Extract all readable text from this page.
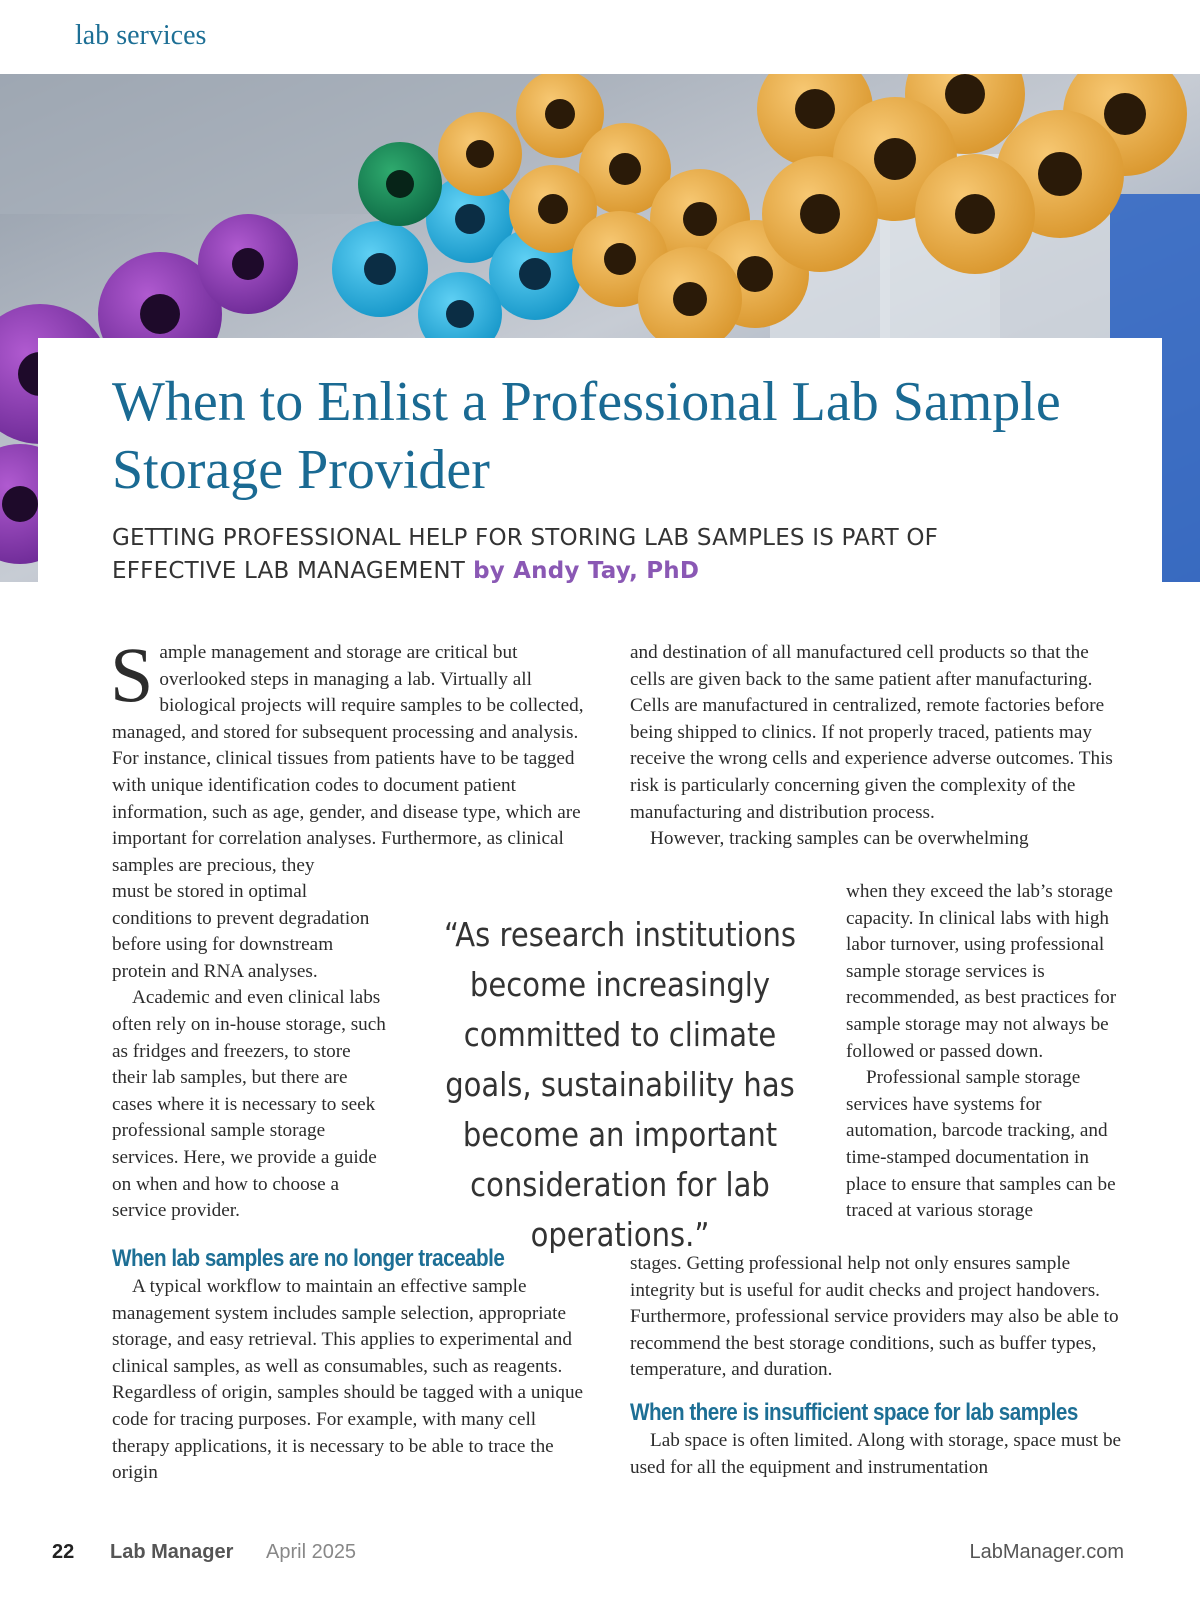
lab services
When to Enlist a Professional Lab Sample Storage Provider
GETTING PROFESSIONAL HELP FOR STORING LAB SAMPLES IS PART OF EFFECTIVE LAB MANAGEMENT by Andy Tay, PhD

Sample management and storage are critical but overlooked steps in managing a lab. Virtually all biological projects will require samples to be collected, managed, and stored for subsequent processing and analysis. For instance, clinical tissues from patients have to be tagged with unique identification codes to document patient information, such as age, gender, and disease type, which are important for correlation analyses. Furthermore, as clinical samples are precious, they

must be stored in optimal conditions to prevent degradation before using for downstream protein and RNA analyses.

Academic and even clinical labs often rely on in-house storage, such as fridges and freezers, to store their lab samples, but there are cases where it is necessary to seek professional sample storage services. Here, we provide a guide on when and how to choose a service provider.

When lab samples are no longer traceable

A typical workflow to maintain an effective sample management system includes sample selection, appropriate storage, and easy retrieval. This applies to experimental and clinical samples, as well as consumables, such as reagents. Regardless of origin, samples should be tagged with a unique code for tracing purposes. For example, with many cell therapy applications, it is necessary to be able to trace the origin

and destination of all manufactured cell products so that the cells are given back to the same patient after manufacturing. Cells are manufactured in centralized, remote factories before being shipped to clinics. If not properly traced, patients may receive the wrong cells and experience adverse outcomes. This risk is particularly concerning given the complexity of the manufacturing and distribution process.

However, tracking samples can be overwhelming

when they exceed the lab’s storage capacity. In clinical labs with high labor turnover, using professional sample storage services is recommended, as best practices for sample storage may not always be followed or passed down.

Professional sample storage services have systems for automation, barcode tracking, and time-stamped documentation in place to ensure that samples can be traced at various storage

stages. Getting professional help not only ensures sample integrity but is useful for audit checks and project handovers. Furthermore, professional service providers may also be able to recommend the best storage conditions, such as buffer types, temperature, and duration.

When there is insufficient space for lab samples

Lab space is often limited. Along with storage, space must be used for all the equipment and instrumentation

“As research institutions become increasingly committed to climate goals, sustainability has become an important consideration for lab operations.”
22 Lab Manager April 2025	LabManager.com
